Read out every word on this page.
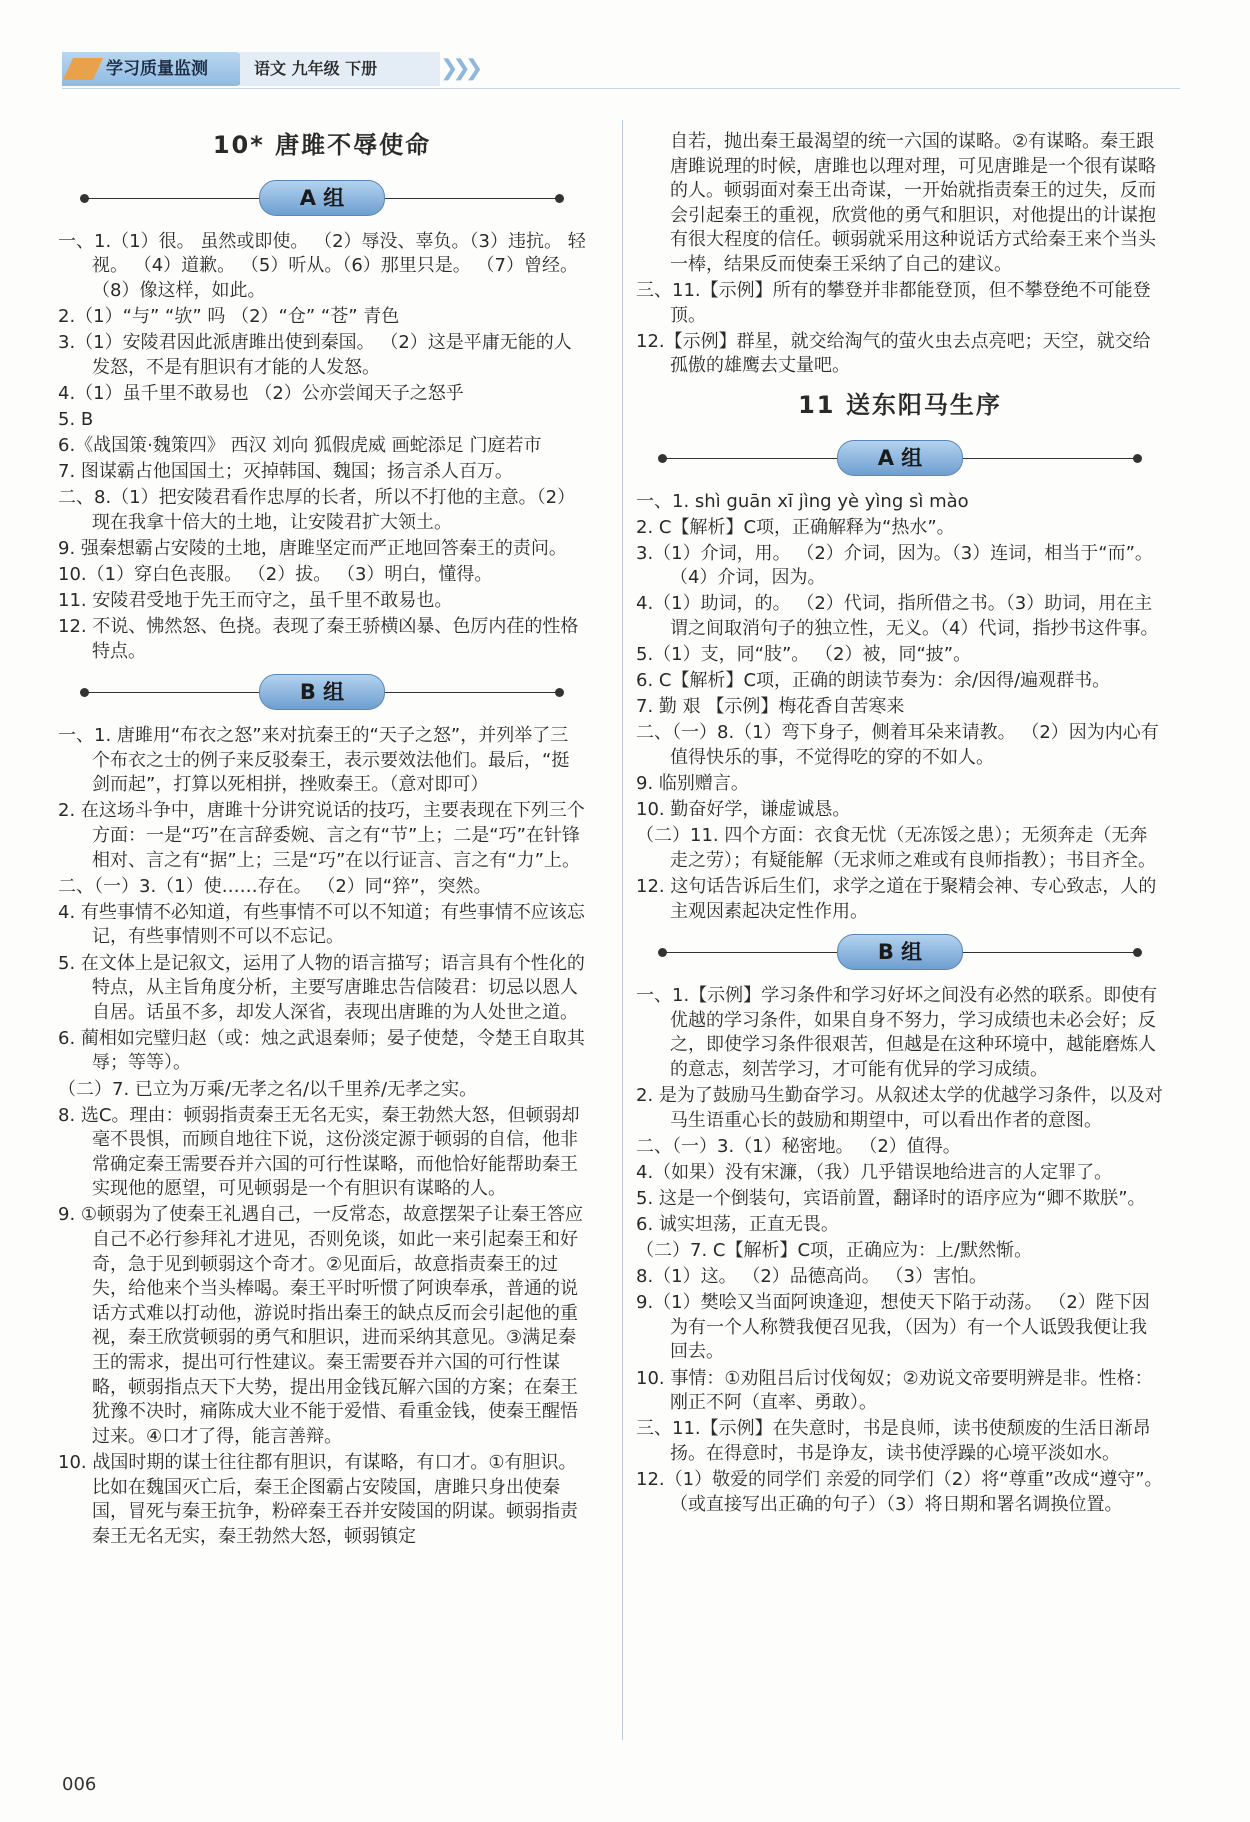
学习质量监测	语文 九年级 下册	❯❯❯
10* 唐雎不辱使命
A 组
一、1.（1）很。 虽然或即使。 （2）辱没、辜负。（3）违抗。 轻视。 （4）道歉。 （5）听从。（6）那里只是。 （7）曾经。 （8）像这样，如此。
2.（1）“与” “欤” 吗 （2）“仓” “苍” 青色
3.（1）安陵君因此派唐雎出使到秦国。 （2）这是平庸无能的人发怒，不是有胆识有才能的人发怒。
4.（1）虽千里不敢易也 （2）公亦尝闻天子之怒乎
5. B
6.《战国策·魏策四》 西汉 刘向 狐假虎威 画蛇添足 门庭若市
7. 图谋霸占他国国土；灭掉韩国、魏国；扬言杀人百万。
二、8.（1）把安陵君看作忠厚的长者，所以不打他的主意。（2）现在我拿十倍大的土地，让安陵君扩大领土。
9. 强秦想霸占安陵的土地，唐雎坚定而严正地回答秦王的责问。
10.（1）穿白色丧服。 （2）拔。 （3）明白，懂得。
11. 安陵君受地于先王而守之，虽千里不敢易也。
12. 不说、怫然怒、色挠。表现了秦王骄横凶暴、色厉内荏的性格特点。
B 组
一、1. 唐雎用“布衣之怒”来对抗秦王的“天子之怒”，并列举了三个布衣之士的例子来反驳秦王，表示要效法他们。最后，“挺剑而起”，打算以死相拼，挫败秦王。（意对即可）
2. 在这场斗争中，唐雎十分讲究说话的技巧，主要表现在下列三个方面：一是“巧”在言辞委婉、言之有“节”上；二是“巧”在针锋相对、言之有“据”上；三是“巧”在以行证言、言之有“力”上。
二、（一）3.（1）使……存在。 （2）同“猝”，突然。
4. 有些事情不必知道，有些事情不可以不知道；有些事情不应该忘记，有些事情则不可以不忘记。
5. 在文体上是记叙文，运用了人物的语言描写；语言具有个性化的特点，从主旨角度分析，主要写唐雎忠告信陵君：切忌以恩人自居。话虽不多，却发人深省，表现出唐雎的为人处世之道。
6. 蔺相如完璧归赵（或：烛之武退秦师；晏子使楚，令楚王自取其辱；等等）。
（二）7. 已立为万乘/无孝之名/以千里养/无孝之实。
8. 选C。理由：顿弱指责秦王无名无实，秦王勃然大怒，但顿弱却毫不畏惧，而顾自地往下说，这份淡定源于顿弱的自信，他非常确定秦王需要吞并六国的可行性谋略，而他恰好能帮助秦王实现他的愿望，可见顿弱是一个有胆识有谋略的人。
9. ①顿弱为了使秦王礼遇自己，一反常态，故意摆架子让秦王答应自己不必行参拜礼才进见，否则免谈，如此一来引起秦王和好奇，急于见到顿弱这个奇才。②见面后，故意指责秦王的过失，给他来个当头棒喝。秦王平时听惯了阿谀奉承，普通的说话方式难以打动他，游说时指出秦王的缺点反而会引起他的重视，秦王欣赏顿弱的勇气和胆识，进而采纳其意见。③满足秦王的需求，提出可行性建议。秦王需要吞并六国的可行性谋略，顿弱指点天下大势，提出用金钱瓦解六国的方案；在秦王犹豫不决时，痛陈成大业不能于爱惜、看重金钱，使秦王醒悟过来。④口才了得，能言善辩。
10. 战国时期的谋士往往都有胆识，有谋略，有口才。①有胆识。比如在魏国灭亡后，秦王企图霸占安陵国，唐雎只身出使秦国，冒死与秦王抗争，粉碎秦王吞并安陵国的阴谋。顿弱指责秦王无名无实，秦王勃然大怒，顿弱镇定
自若，抛出秦王最渴望的统一六国的谋略。②有谋略。秦王跟唐雎说理的时候，唐雎也以理对理，可见唐雎是一个很有谋略的人。顿弱面对秦王出奇谋，一开始就指责秦王的过失，反而会引起秦王的重视，欣赏他的勇气和胆识，对他提出的计谋抱有很大程度的信任。顿弱就采用这种说话方式给秦王来个当头一棒，结果反而使秦王采纳了自己的建议。
三、11.【示例】所有的攀登并非都能登顶，但不攀登绝不可能登顶。
12.【示例】群星，就交给淘气的萤火虫去点亮吧；天空，就交给孤傲的雄鹰去丈量吧。
11 送东阳马生序
A 组
一、1. shì guān xī jìng yè yìng sì mào
2. C【解析】C项，正确解释为“热水”。
3.（1）介词，用。 （2）介词，因为。（3）连词，相当于“而”。 （4）介词，因为。
4.（1）助词，的。 （2）代词，指所借之书。（3）助词，用在主谓之间取消句子的独立性，无义。（4）代词，指抄书这件事。
5.（1）支，同“肢”。 （2）被，同“披”。
6. C【解析】C项，正确的朗读节奏为：余/因得/遍观群书。
7. 勤 艰 【示例】梅花香自苦寒来
二、（一）8.（1）弯下身子，侧着耳朵来请教。 （2）因为内心有值得快乐的事，不觉得吃的穿的不如人。
9. 临别赠言。
10. 勤奋好学，谦虚诚恳。
（二）11. 四个方面：衣食无忧（无冻馁之患）；无须奔走（无奔走之劳）；有疑能解（无求师之难或有良师指教）；书目齐全。
12. 这句话告诉后生们，求学之道在于聚精会神、专心致志，人的主观因素起决定性作用。
B 组
一、1.【示例】学习条件和学习好坏之间没有必然的联系。即使有优越的学习条件，如果自身不努力，学习成绩也未必会好；反之，即使学习条件很艰苦，但越是在这种环境中，越能磨炼人的意志，刻苦学习，才可能有优异的学习成绩。
2. 是为了鼓励马生勤奋学习。从叙述太学的优越学习条件，以及对马生语重心长的鼓励和期望中，可以看出作者的意图。
二、（一）3.（1）秘密地。 （2）值得。
4.（如果）没有宋濂，（我）几乎错误地给进言的人定罪了。
5. 这是一个倒装句，宾语前置，翻译时的语序应为“卿不欺朕”。
6. 诚实坦荡，正直无畏。
（二）7. C【解析】C项，正确应为：上/默然惭。
8.（1）这。 （2）品德高尚。 （3）害怕。
9.（1）樊哙又当面阿谀逢迎，想使天下陷于动荡。 （2）陛下因为有一个人称赞我便召见我，（因为）有一个人诋毁我便让我回去。
10. 事情：①劝阻吕后讨伐匈奴；②劝说文帝要明辨是非。性格：刚正不阿（直率、勇敢）。
三、11.【示例】在失意时，书是良师，读书使颓废的生活日渐昂扬。在得意时，书是诤友，读书使浮躁的心境平淡如水。
12.（1）敬爱的同学们 亲爱的同学们（2）将“尊重”改成“遵守”。（或直接写出正确的句子）（3）将日期和署名调换位置。
006
